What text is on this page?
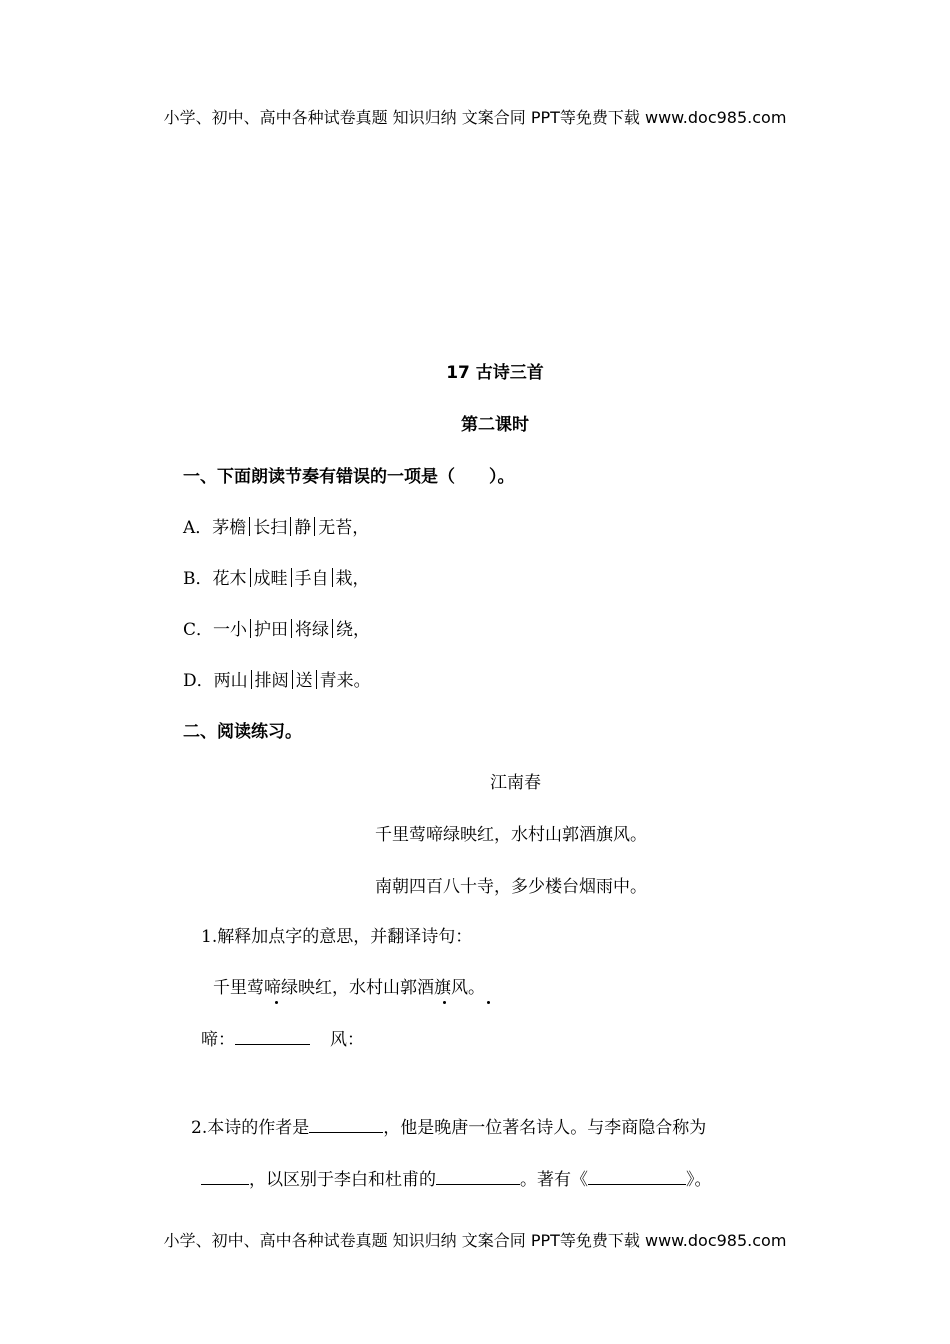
小学、初中、高中各种试卷真题 知识归纳 文案合同 PPT等免费下载 www.doc985.com
17 古诗三首
第二课时
一、下面朗读节奏有错误的一项是（　　）。
A．茅檐 长扫 静 无苔，
B．花木 成畦 手自 栽，
C．一小 护田 将绿 绕，
D．两山 排闼 送 青来。
二、阅读练习。
江南春
千里莺啼绿映红，水村山郭酒旗风。
南朝四百八十寺，多少楼台烟雨中。
1.解释加点字的意思，并翻译诗句：
千里莺啼绿映红，水村山郭酒旗风。
啼：	风：
2.本诗的作者是	，他是晚唐一位著名诗人。与李商隐合称为
，以区别于李白和杜甫的	。著有《	》。
小学、初中、高中各种试卷真题 知识归纳 文案合同 PPT等免费下载 www.doc985.com
